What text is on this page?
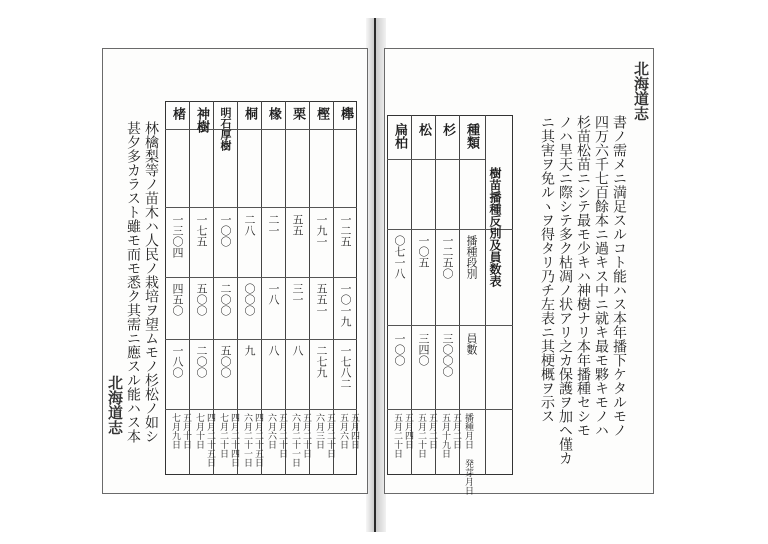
櫸
一二五
一〇一九
一七八二
五月四日
五月六日
樫
一九一
五五一
二七九
五月二十日
六月三日
栗
五五
三一
八
五月二十日
六月二十一日
椽
二一
一八
八
五月二十日
六月六日
桐
二八
〇〇〇
九
四月二十五日
六月二十一日
明石厚樹
一〇〇
二〇〇
五〇〇
四月二十四日
七月二十日
神樹
一七五
五〇〇
二〇〇
四月二十五日
七月十日
楮
一三〇四
四五〇
一八〇
五月十日
七月九日
林檎梨等ノ苗木ハ人民ノ栽培ヲ望ムモノ杉松ノ如シ
甚夕多カラスト雖モ而モ悉ク其需ニ應スル能ハス本
北海道志
北海道志
書ノ需メニ満足スルコト能ハス本年播下ケタルモノ
四万六千七百餘本ニ過キス中ニ就キ最モ夥キモノハ
杉苗松苗ニシテ最モ少キハ神樹ナリ本年播種セシモ
ノハ旱天ニ際シテ多ク枯凋ノ状アリ之カ保護ヲ加ヘ僅カ
ニ其害ヲ免ルヽヲ得タリ乃チ左表ニ其梗概ヲ示ス
樹苗播種反別及員数表
種類
播種段別
員數
播種月日 発芽月日
杉
一二五〇
三〇〇〇
五月二日
五月十九日
松
一〇五
三四〇
五月二日
五月二十日
扁柏
〇七一八
一〇〇
五月四日
五月二十日
